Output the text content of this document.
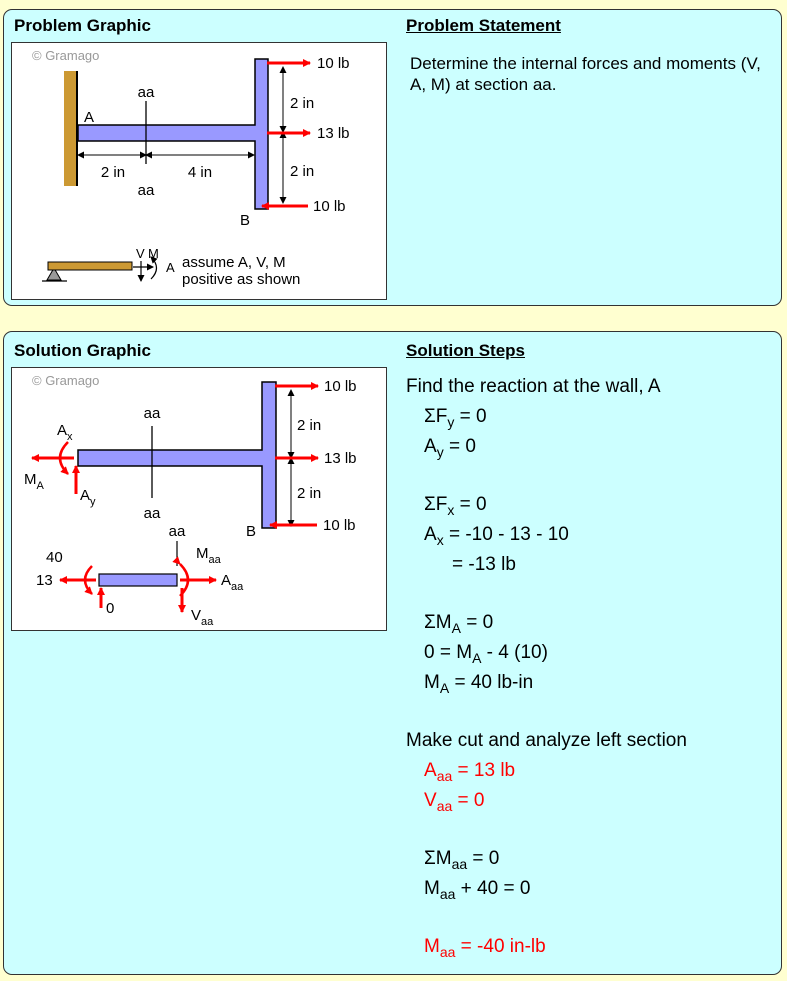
Problem Graphic	Problem Statement
Determine the internal forces and moments (V, A, M) at section aa.
© Gramago
aa
aa
A
B
2 in	4 in
2 in
2 in
10 lb
13 lb
10 lb
V M
A assume A, V, M
positive as shown
Solution Graphic	Solution Steps
© Gramago
aa
aa
B
$A_x$
$A_y$
$M_A$
2 in
2 in
10 lb
13 lb
10 lb
aa
13
40
0
$A_{aa}$
$M_{aa}$
$V_{aa}$
Find the reaction at the wall, A
$\Sigma F_y = 0$
$A_y = 0$
$\Sigma F_x = 0$
$A_x = -10 - 13 - 10$
= -13 lb
$\Sigma M_A = 0$
$0 = M_A - 4$ (10)
$M_A = 40$ lb-in
Make cut and analyze left section
$A_{aa} = 13$ lb
$V_{aa} = 0$
$\Sigma M_{aa} = 0$
$M_{aa} + 40 = 0$
$M_{aa} = -40$ in-lb
